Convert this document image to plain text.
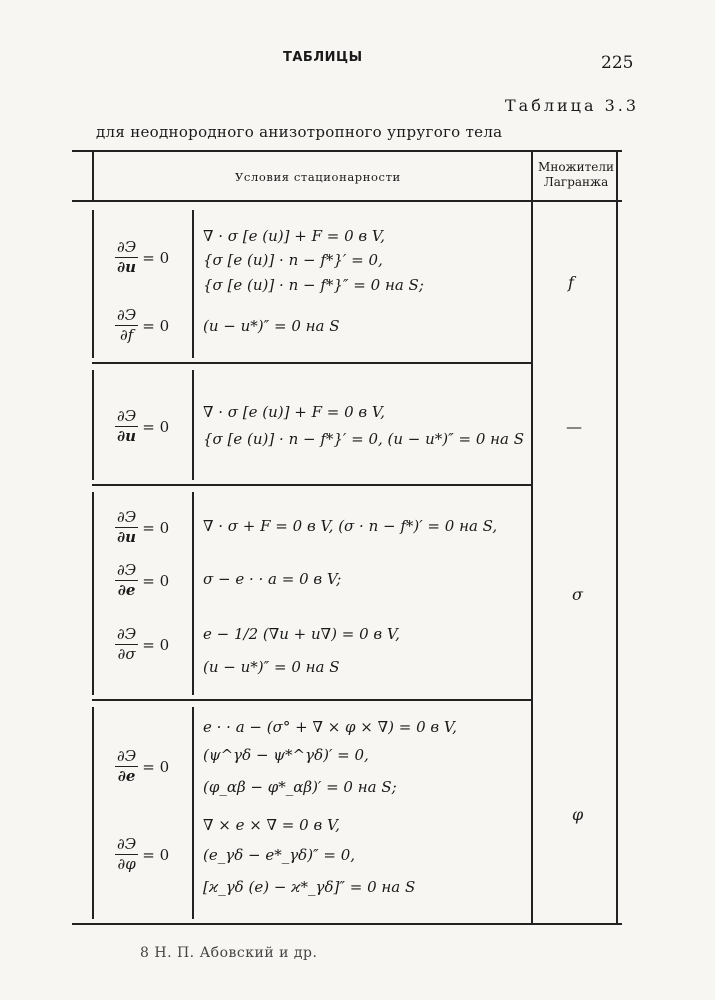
ТАБЛИЦЫ	225
Таблица 3.3
для неоднородного анизотропного упругого тела
Условия стационарности
Множители
Лагранжа
∂Э
∂u
= 0
∂Э
∂f
= 0
∇ · σ [e (u)] + F = 0 в V,
{σ [e (u)] · n − f*}′ = 0,
{σ [e (u)] · n − f*}″ = 0 на S;
(u − u*)″ = 0 на S
f
∂Э
∂u
= 0
∇ · σ [e (u)] + F = 0 в V,
{σ [e (u)] · n − f*}′ = 0, (u − u*)″ = 0 на S
—
∂Э
∂u
= 0
∂Э
∂e
= 0
∂Э
∂σ
= 0
∇ · σ + F = 0 в V, (σ · n − f*)′ = 0 на S,
σ − e · · a = 0 в V;
e − 1/2 (∇u + u∇) = 0 в V,
(u − u*)″ = 0 на S
σ
∂Э
∂e
= 0
∂Э
∂φ
= 0
e · · a − (σ° + ∇ × φ × ∇) = 0 в V,
(ψ^γδ − ψ*^γδ)′ = 0,
(φ_αβ − φ*_αβ)′ = 0 на S;
∇ × e × ∇ = 0 в V,
(e_γδ − e*_γδ)″ = 0,
[ϰ_γδ (e) − ϰ*_γδ]″ = 0 на S
φ
8 Н. П. Абовский и др.
